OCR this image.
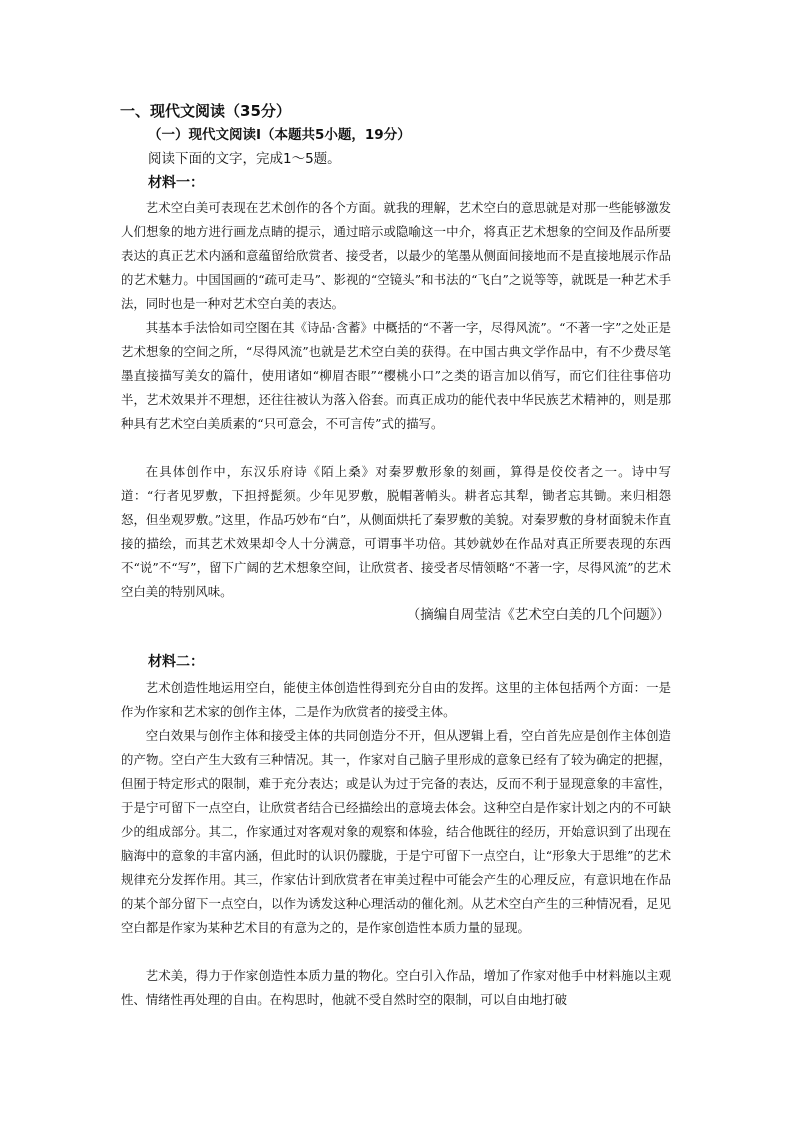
一、现代文阅读（35分）
（一）现代文阅读Ⅰ（本题共5小题，19分）
阅读下面的文字，完成1～5题。
材料一：

艺术空白美可表现在艺术创作的各个方面。就我的理解，艺术空白的意思就是对那一些能够激发人们想象的地方进行画龙点睛的提示，通过暗示或隐喻这一中介，将真正艺术想象的空间及作品所要表达的真正艺术内涵和意蕴留给欣赏者、接受者，以最少的笔墨从侧面间接地而不是直接地展示作品的艺术魅力。中国国画的“疏可走马”、影视的“空镜头”和书法的“飞白”之说等等，就既是一种艺术手法，同时也是一种对艺术空白美的表达。

其基本手法恰如司空图在其《诗品·含蓄》中概括的“不著一字，尽得风流”。“不著一字”之处正是艺术想象的空间之所，“尽得风流”也就是艺术空白美的获得。在中国古典文学作品中，有不少费尽笔墨直接描写美女的篇什，使用诸如“柳眉杏眼”“樱桃小口”之类的语言加以俏写，而它们往往事倍功半，艺术效果并不理想，还往往被认为落入俗套。而真正成功的能代表中华民族艺术精神的，则是那种具有艺术空白美质素的“只可意会，不可言传”式的描写。

在具体创作中，东汉乐府诗《陌上桑》对秦罗敷形象的刻画，算得是佼佼者之一。诗中写道：“行者见罗敷，下担捋髭须。少年见罗敷，脱帽著帩头。耕者忘其犁，锄者忘其锄。来归相怨怒，但坐观罗敷。”这里，作品巧妙布“白”，从侧面烘托了秦罗敷的美貌。对秦罗敷的身材面貌未作直接的描绘，而其艺术效果却令人十分满意，可谓事半功倍。其妙就妙在作品对真正所要表现的东西不“说”不“写”，留下广阔的艺术想象空间，让欣赏者、接受者尽情领略“不著一字，尽得风流”的艺术空白美的特别风味。

（摘编自周莹洁《艺术空白美的几个问题》）
材料二：

艺术创造性地运用空白，能使主体创造性得到充分自由的发挥。这里的主体包括两个方面：一是作为作家和艺术家的创作主体，二是作为欣赏者的接受主体。

空白效果与创作主体和接受主体的共同创造分不开，但从逻辑上看，空白首先应是创作主体创造的产物。空白产生大致有三种情况。其一，作家对自己脑子里形成的意象已经有了较为确定的把握，但囿于特定形式的限制，难于充分表达；或是认为过于完备的表达，反而不利于显现意象的丰富性，于是宁可留下一点空白，让欣赏者结合已经描绘出的意境去体会。这种空白是作家计划之内的不可缺少的组成部分。其二，作家通过对客观对象的观察和体验，结合他既往的经历，开始意识到了出现在脑海中的意象的丰富内涵，但此时的认识仍朦胧，于是宁可留下一点空白，让“形象大于思维”的艺术规律充分发挥作用。其三，作家估计到欣赏者在审美过程中可能会产生的心理反应，有意识地在作品的某个部分留下一点空白，以作为诱发这种心理活动的催化剂。从艺术空白产生的三种情况看，足见空白都是作家为某种艺术目的有意为之的，是作家创造性本质力量的显现。

艺术美，得力于作家创造性本质力量的物化。空白引入作品，增加了作家对他手中材料施以主观性、情绪性再处理的自由。在构思时，他就不受自然时空的限制，可以自由地打破
